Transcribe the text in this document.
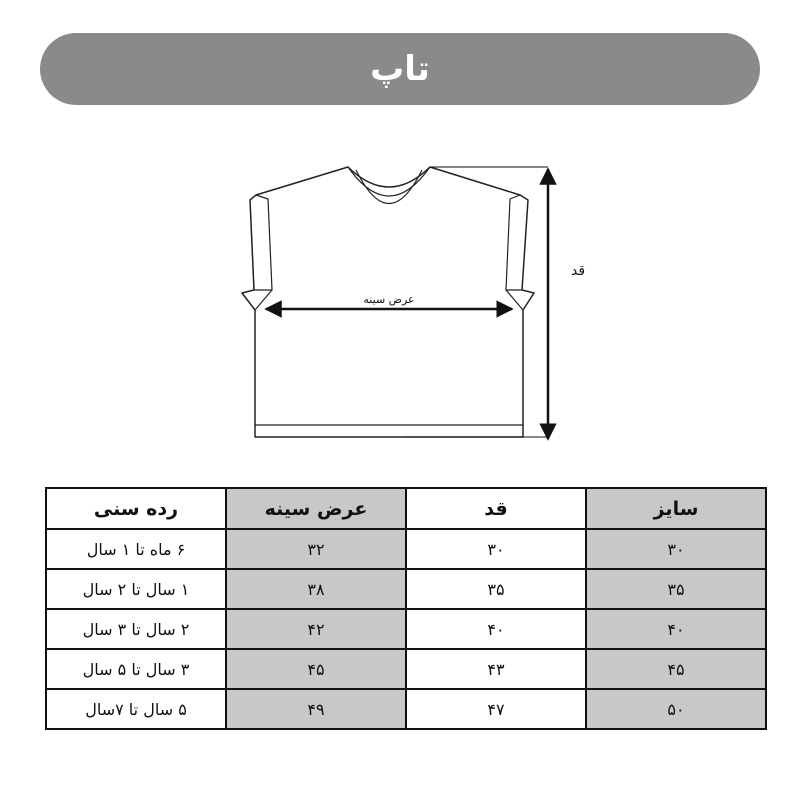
تاپ
عرض سینه
قد
سایز	قد	عرض سینه	رده سنی
۳۰	۳۰	۳۲	۶ ماه تا ۱ سال
۳۵	۳۵	۳۸	۱ سال تا ۲ سال
۴۰	۴۰	۴۲	۲ سال تا ۳ سال
۴۵	۴۳	۴۵	۳ سال تا ۵ سال
۵۰	۴۷	۴۹	۵ سال تا ۷سال
